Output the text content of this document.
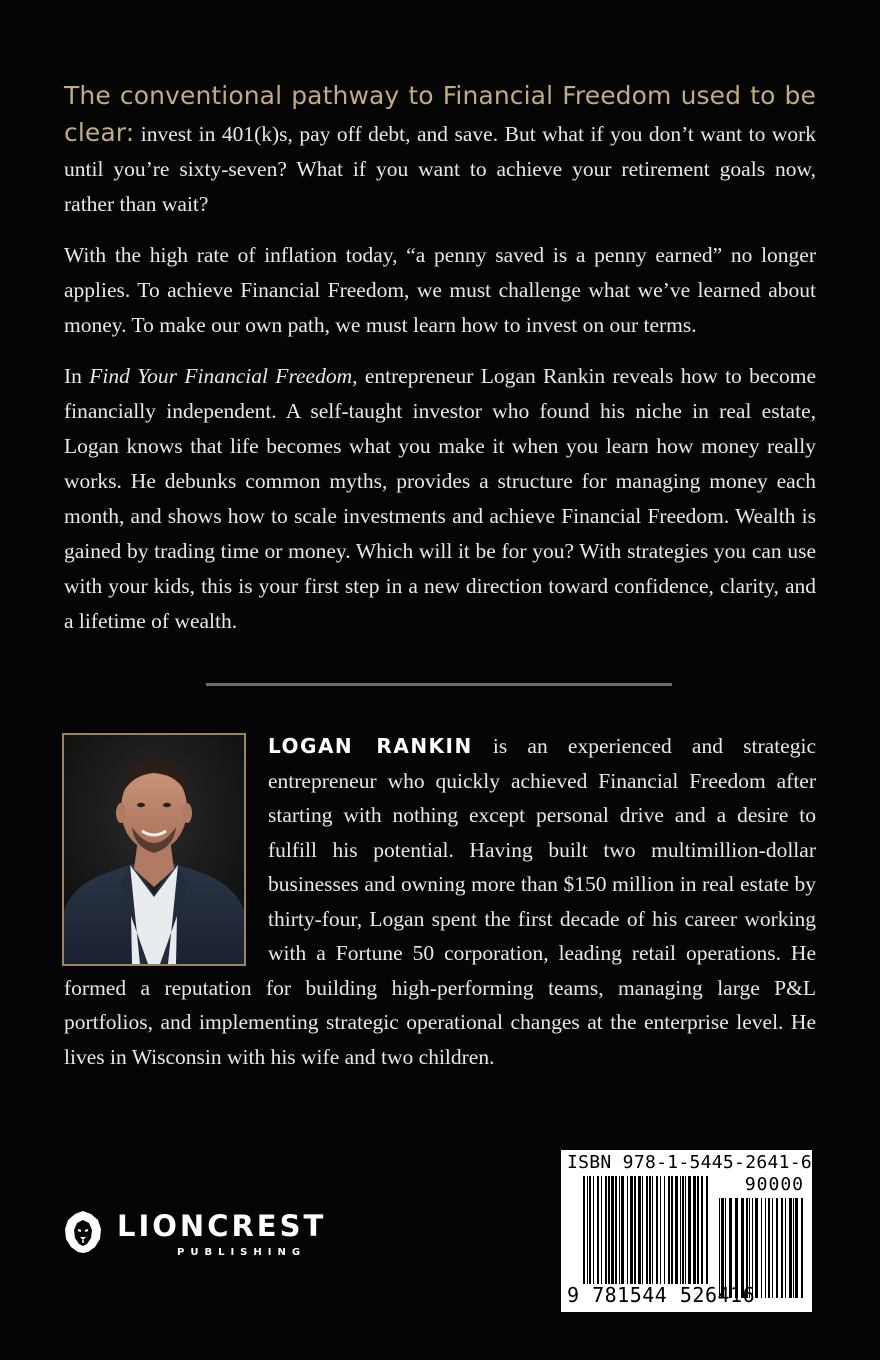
The conventional pathway to Financial Freedom used to be clear: invest in 401(k)s, pay off debt, and save. But what if you don’t want to work until you’re sixty-seven? What if you want to achieve your retirement goals now, rather than wait?

With the high rate of inflation today, “a penny saved is a penny earned” no longer applies. To achieve Financial Freedom, we must challenge what we’ve learned about money. To make our own path, we must learn how to invest on our terms.

In Find Your Financial Freedom, entrepreneur Logan Rankin reveals how to become financially independent. A self-taught investor who found his niche in real estate, Logan knows that life becomes what you make it when you learn how money really works. He debunks common myths, provides a structure for managing money each month, and shows how to scale investments and achieve Financial Freedom. Wealth is gained by trading time or money. Which will it be for you? With strategies you can use with your kids, this is your first step in a new direction toward confidence, clarity, and a lifetime of wealth.

LOGAN RANKIN is an experienced and strategic entrepreneur who quickly achieved Financial Freedom after starting with nothing except personal drive and a desire to fulfill his potential. Having built two multimillion-dollar businesses and owning more than $150 million in real estate by thirty-four, Logan spent the first decade of his career working with a Fortune 50 corporation, leading retail operations. He formed a reputation for building high-performing teams, managing large P&L portfolios, and implementing strategic operational changes at the enterprise level. He lives in Wisconsin with his wife and two children.
LIONCREST
PUBLISHING
ISBN 978-1-5445-2641-6
90000
9 781544 526416
